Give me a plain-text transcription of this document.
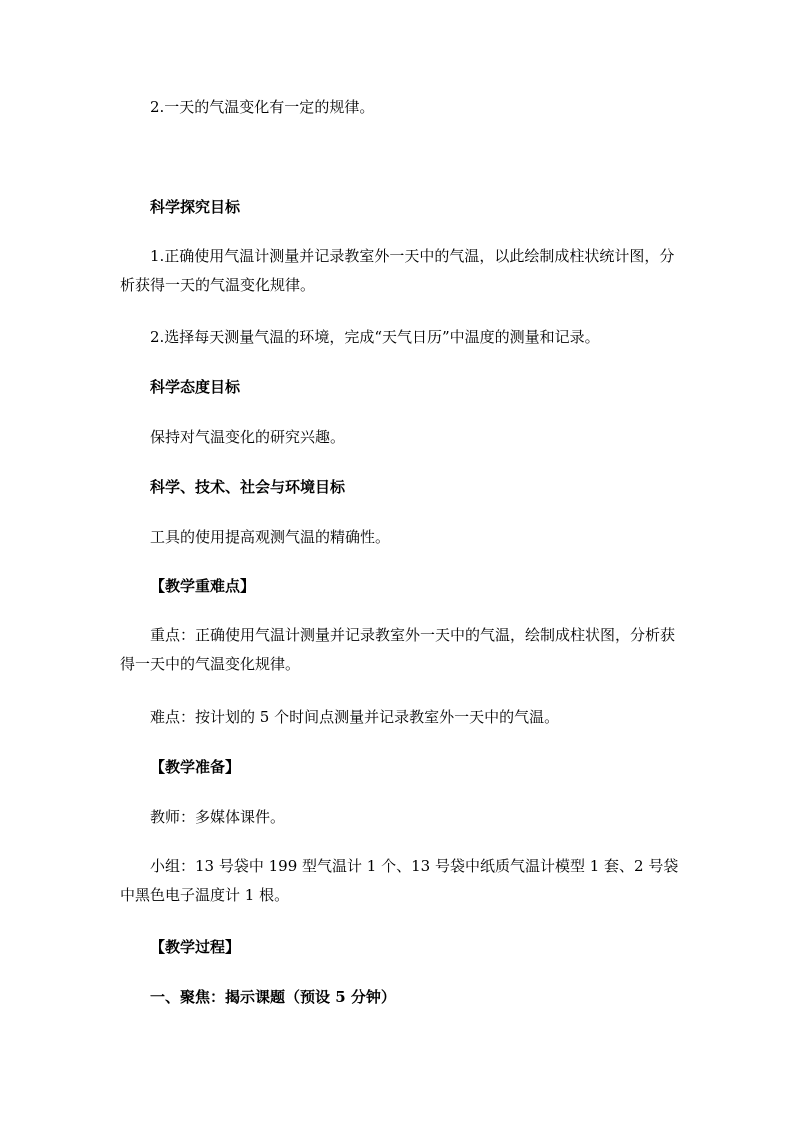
2.一天的气温变化有一定的规律。
科学探究目标
1.正确使用气温计测量并记录教室外一天中的气温，以此绘制成柱状统计图，分析获得一天的气温变化规律。
2.选择每天测量气温的环境，完成“天气日历”中温度的测量和记录。
科学态度目标
保持对气温变化的研究兴趣。
科学、技术、社会与环境目标
工具的使用提高观测气温的精确性。
【教学重难点】
重点：正确使用气温计测量并记录教室外一天中的气温，绘制成柱状图，分析获得一天中的气温变化规律。
难点：按计划的 5 个时间点测量并记录教室外一天中的气温。
【教学准备】
教师：多媒体课件。
小组：13 号袋中 199 型气温计 1 个、13 号袋中纸质气温计模型 1 套、2 号袋中黑色电子温度计 1 根。
【教学过程】
一、聚焦：揭示课题（预设 5 分钟）
